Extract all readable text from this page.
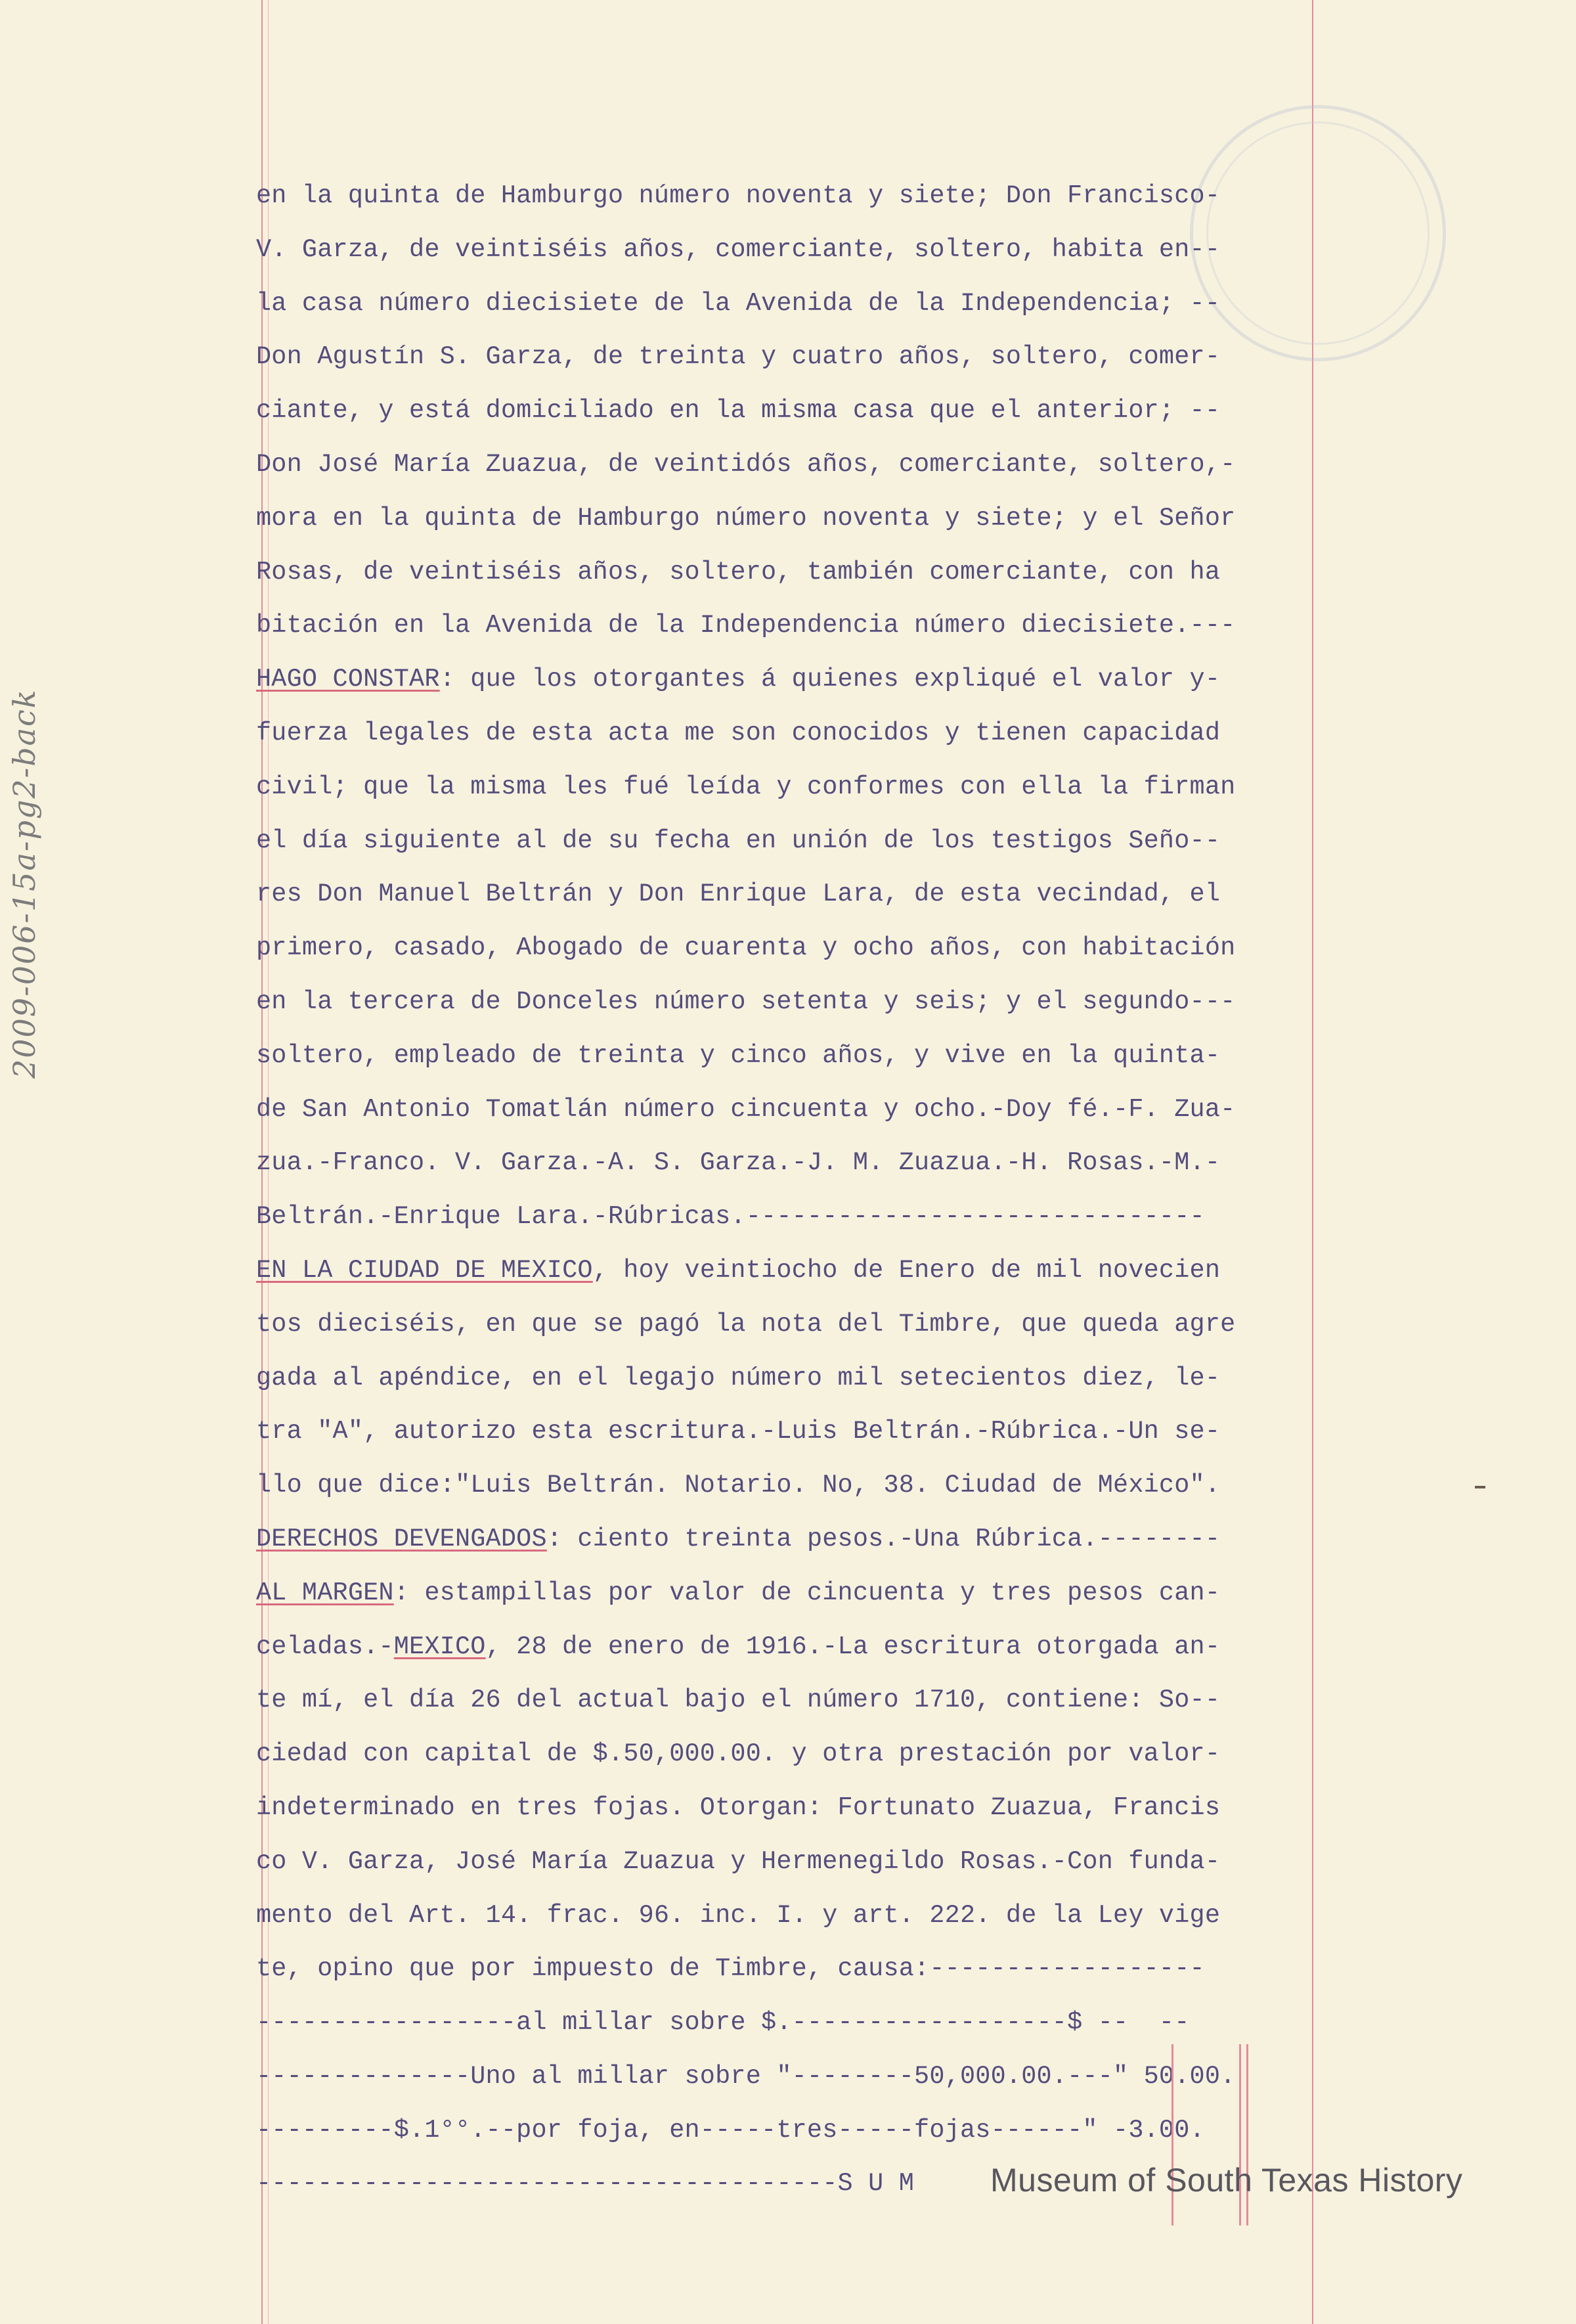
2009-006-15a-pg2-back
en la quinta de Hamburgo número noventa y siete; Don Francisco-
V. Garza, de veintiséis años, comerciante, soltero, habita en--
la casa número diecisiete de la Avenida de la Independencia; --
Don Agustín S. Garza, de treinta y cuatro años, soltero, comer-
ciante, y está domiciliado en la misma casa que el anterior; --
Don José María Zuazua, de veintidós años, comerciante, soltero,-
mora en la quinta de Hamburgo número noventa y siete; y el Señor
Rosas, de veintiséis años, soltero, también comerciante, con ha
bitación en la Avenida de la Independencia número diecisiete.---
HAGO CONSTAR: que los otorgantes á quienes expliqué el valor y-
fuerza legales de esta acta me son conocidos y tienen capacidad
civil; que la misma les fué leída y conformes con ella la firman
el día siguiente al de su fecha en unión de los testigos Seño--
res Don Manuel Beltrán y Don Enrique Lara, de esta vecindad, el
primero, casado, Abogado de cuarenta y ocho años, con habitación
en la tercera de Donceles número setenta y seis; y el segundo---
soltero, empleado de treinta y cinco años, y vive en la quinta-
de San Antonio Tomatlán número cincuenta y ocho.-Doy fé.-F. Zua-
zua.-Franco. V. Garza.-A. S. Garza.-J. M. Zuazua.-H. Rosas.-M.-
Beltrán.-Enrique Lara.-Rúbricas.------------------------------
EN LA CIUDAD DE MEXICO, hoy veintiocho de Enero de mil novecien
tos dieciséis, en que se pagó la nota del Timbre, que queda agre
gada al apéndice, en el legajo número mil setecientos diez, le-
tra "A", autorizo esta escritura.-Luis Beltrán.-Rúbrica.-Un se-
llo que dice:"Luis Beltrán. Notario. No, 38. Ciudad de México".
DERECHOS DEVENGADOS: ciento treinta pesos.-Una Rúbrica.--------
AL MARGEN: estampillas por valor de cincuenta y tres pesos can-
celadas.-MEXICO, 28 de enero de 1916.-La escritura otorgada an-
te mí, el día 26 del actual bajo el número 1710, contiene: So--
ciedad con capital de $.50,000.00. y otra prestación por valor-
indeterminado en tres fojas. Otorgan: Fortunato Zuazua, Francis
co V. Garza, José María Zuazua y Hermenegildo Rosas.-Con funda-
mento del Art. 14. frac. 96. inc. I. y art. 222. de la Ley vige
te, opino que por impuesto de Timbre, causa:------------------
-----------------al millar sobre $.------------------$ --  --
--------------Uno al millar sobre "--------50,000.00.---" 50.00.
---------$.1°°.--por foja, en-----tres-----fojas------" -3.00.
--------------------------------------S U M	Museum of South Texas History
